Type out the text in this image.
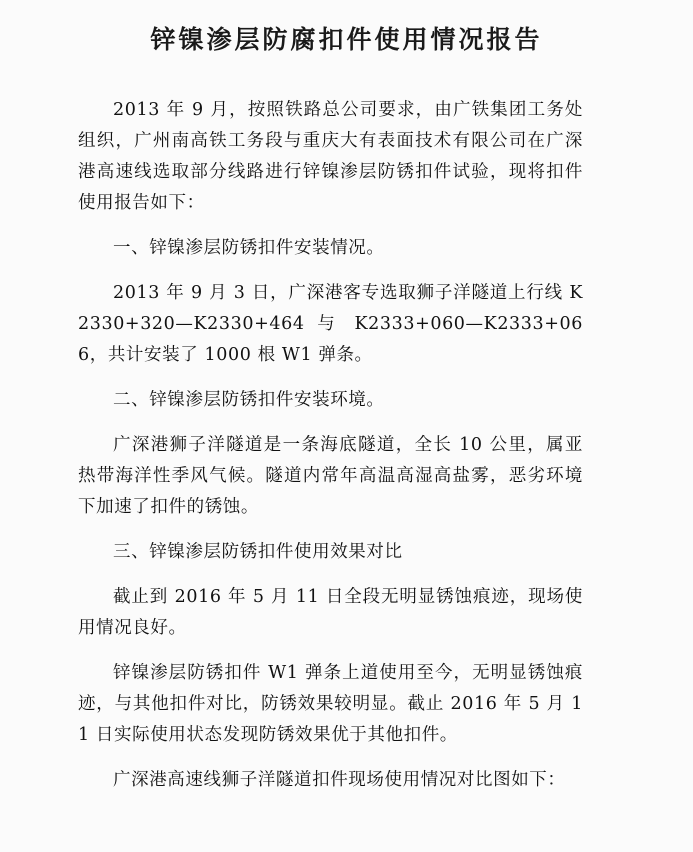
锌镍渗层防腐扣件使用情况报告

2013 年 9 月，按照铁路总公司要求，由广铁集团工务处组织，广州南高铁工务段与重庆大有表面技术有限公司在广深港高速线选取部分线路进行锌镍渗层防锈扣件试验，现将扣件使用报告如下：

一、锌镍渗层防锈扣件安装情况。

2013 年 9 月 3 日，广深港客专选取狮子洋隧道上行线 K2330+320—K2330+464 与 K2333+060—K2333+066，共计安装了 1000 根 W1 弹条。

二、锌镍渗层防锈扣件安装环境。

广深港狮子洋隧道是一条海底隧道，全长 10 公里，属亚热带海洋性季风气候。隧道内常年高温高湿高盐雾，恶劣环境下加速了扣件的锈蚀。

三、锌镍渗层防锈扣件使用效果对比

截止到 2016 年 5 月 11 日全段无明显锈蚀痕迹，现场使用情况良好。

锌镍渗层防锈扣件 W1 弹条上道使用至今，无明显锈蚀痕迹，与其他扣件对比，防锈效果较明显。截止 2016 年 5 月 11 日实际使用状态发现防锈效果优于其他扣件。

广深港高速线狮子洋隧道扣件现场使用情况对比图如下：
